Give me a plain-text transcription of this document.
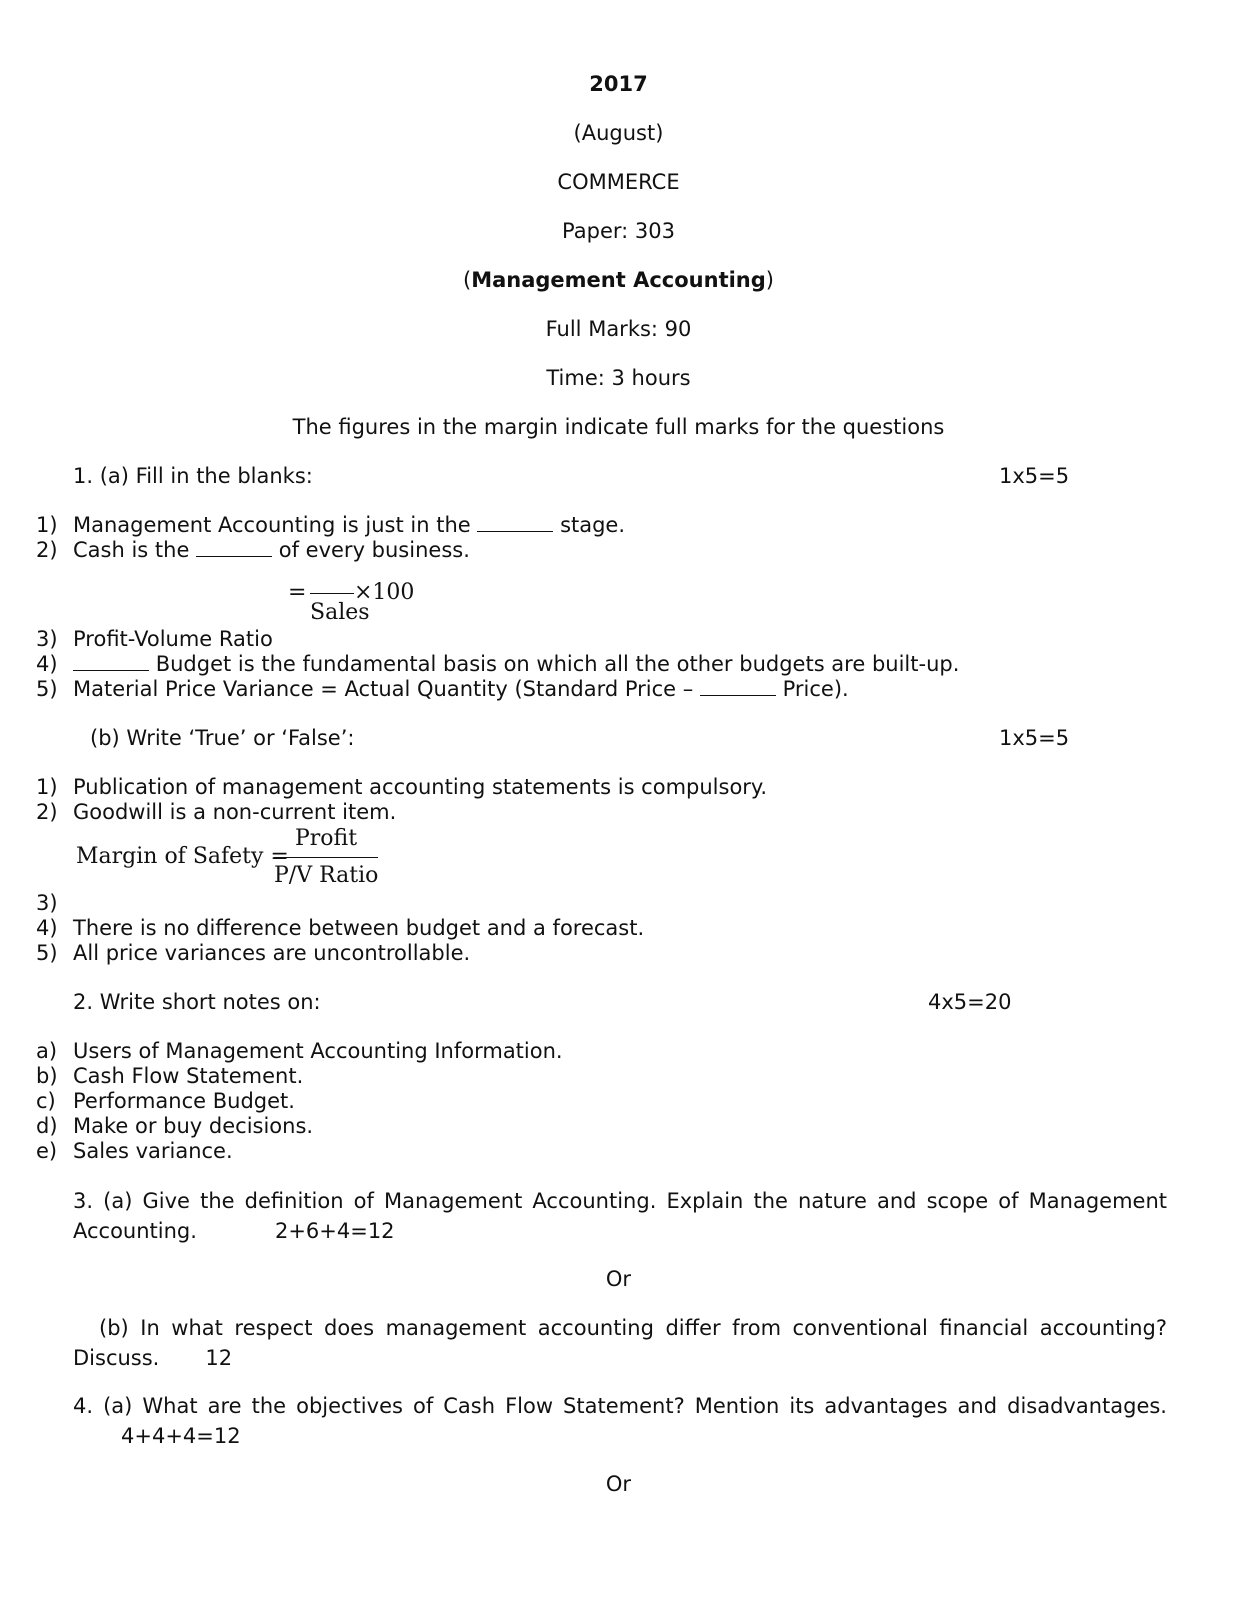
2017
(August)
COMMERCE
Paper: 303
(Management Accounting)
Full Marks: 90
Time: 3 hours
The figures in the margin indicate full marks for the questions
1. (a) Fill in the blanks:	1x5=5
1) Management Accounting is just in the	stage.
2) Cash is the	of every business.
= ×100
Sales
3) Profit-Volume Ratio
4)	Budget is the fundamental basis on which all the other budgets are built-up.
5) Material Price Variance = Actual Quantity (Standard Price –	Price).
(b) Write ‘True’ or ‘False’:	1x5=5
1) Publication of management accounting statements is compulsory.
2) Goodwill is a non-current item.
Margin of Safety =
Profit
P/V Ratio
3)
4) There is no difference between budget and a forecast.
5) All price variances are uncontrollable.
2. Write short notes on:	4x5=20
a) Users of Management Accounting Information.
b) Cash Flow Statement.
c) Performance Budget.
d) Make or buy decisions.
e) Sales variance.
3. (a) Give the definition of Management Accounting. Explain the nature and scope of Management Accounting.	2+6+4=12
Or
(b) In what respect does management accounting differ from conventional financial accounting? Discuss. 12
4. (a) What are the objectives of Cash Flow Statement? Mention its advantages and disadvantages.4+4+4=12
Or
